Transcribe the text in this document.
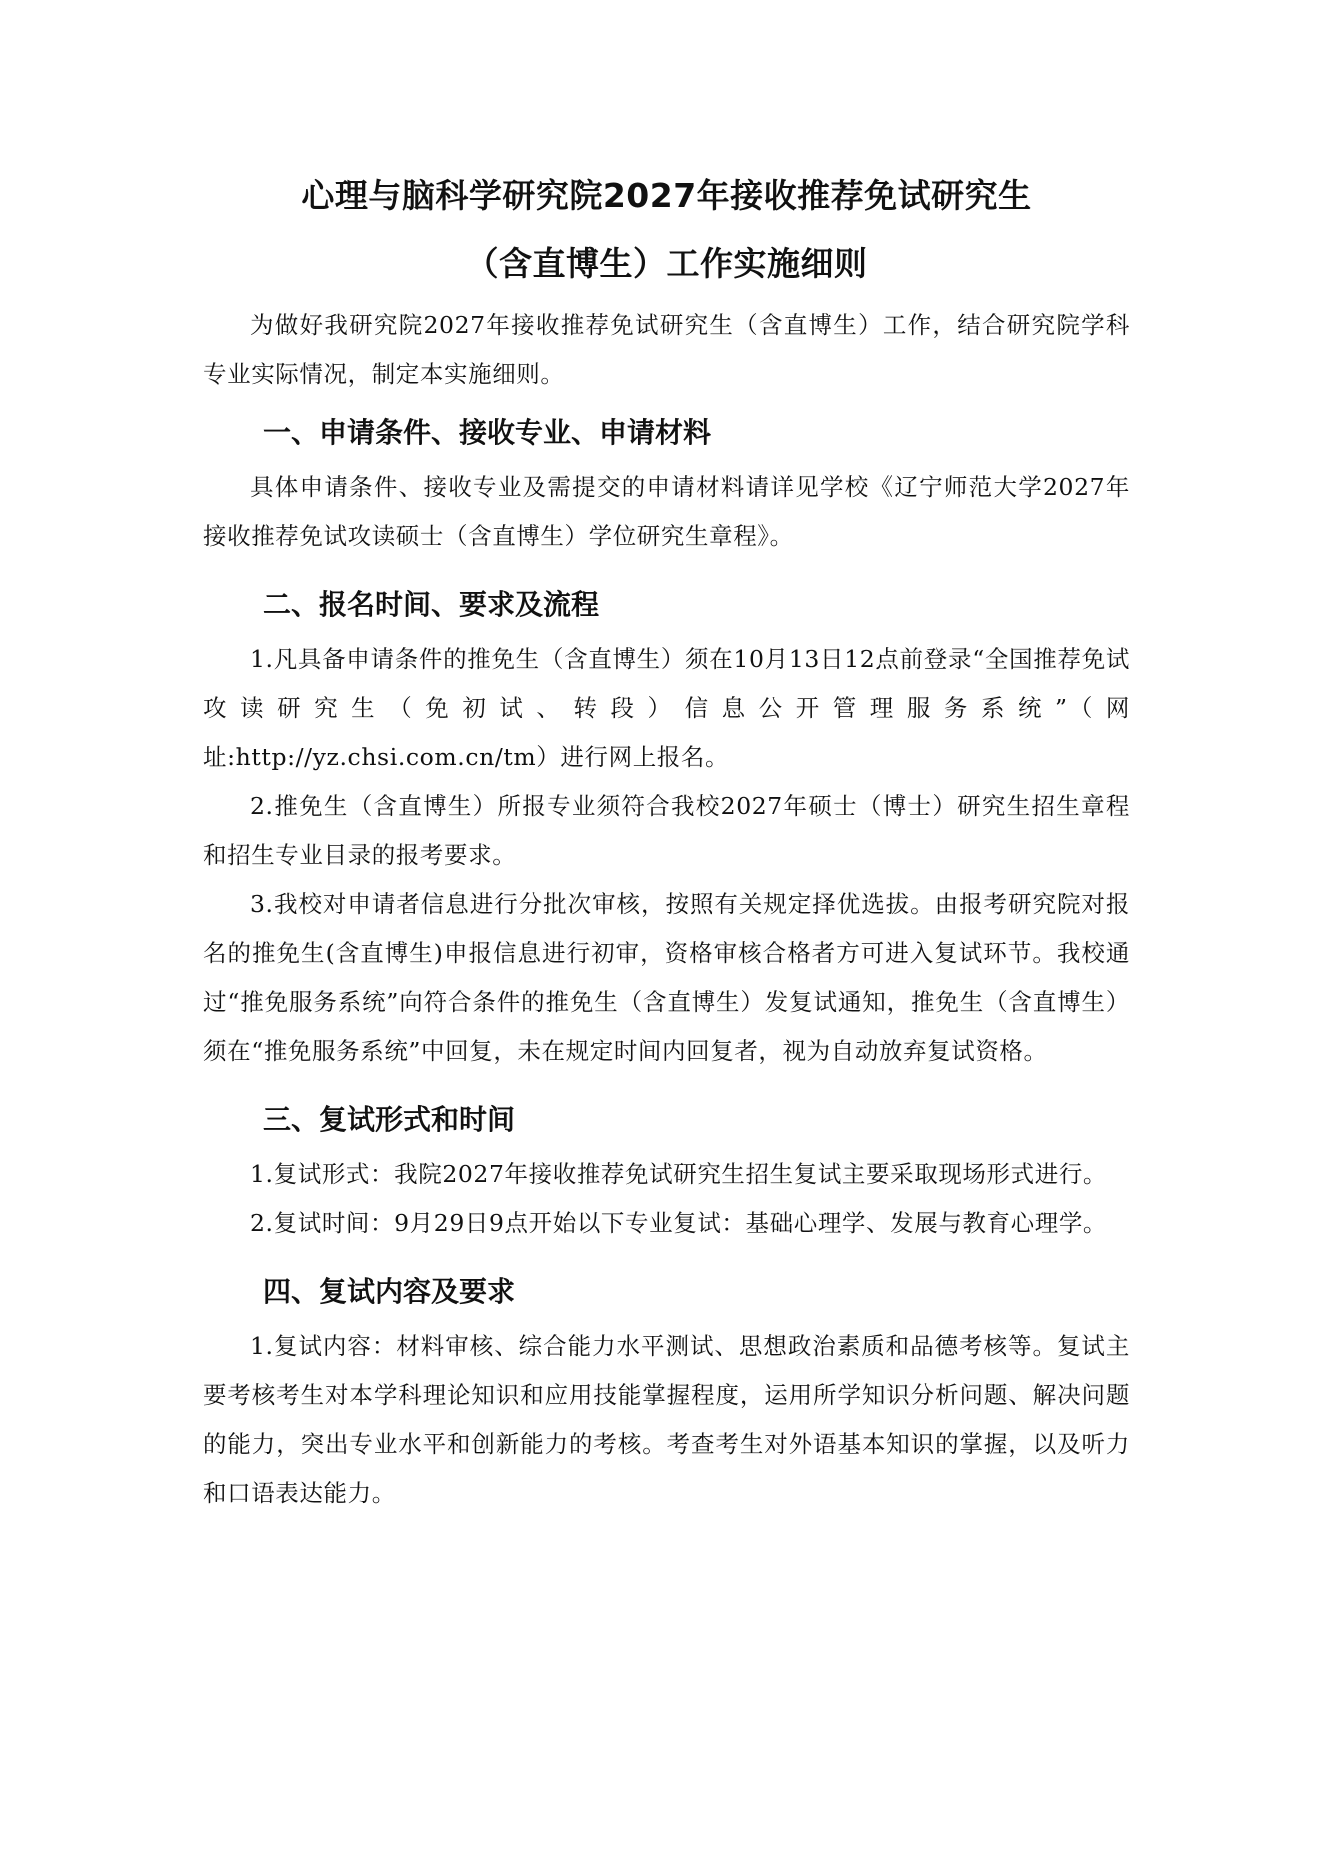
心理与脑科学研究院2027年接收推荐免试研究生
（含直博生）工作实施细则

为做好我研究院2027年接收推荐免试研究生（含直博生）工作，结合研究院学科专业实际情况，制定本实施细则。

一、申请条件、接收专业、申请材料

具体申请条件、接收专业及需提交的申请材料请详见学校《辽宁师范大学2027年接收推荐免试攻读硕士（含直博生）学位研究生章程》。

二、报名时间、要求及流程

1.凡具备申请条件的推免生（含直博生）须在10月13日12点前登录“全国推荐免试攻读研究生（免初试、转段）信息公开管理服务系统”（网址:http://yz.chsi.com.cn/tm）进行网上报名。

2.推免生（含直博生）所报专业须符合我校2027年硕士（博士）研究生招生章程和招生专业目录的报考要求。

3.我校对申请者信息进行分批次审核，按照有关规定择优选拔。由报考研究院对报名的推免生(含直博生)申报信息进行初审，资格审核合格者方可进入复试环节。我校通过“推免服务系统”向符合条件的推免生（含直博生）发复试通知，推免生（含直博生）须在“推免服务系统”中回复，未在规定时间内回复者，视为自动放弃复试资格。

三、复试形式和时间

1.复试形式：我院2027年接收推荐免试研究生招生复试主要采取现场形式进行。

2.复试时间：9月29日9点开始以下专业复试：基础心理学、发展与教育心理学。

四、复试内容及要求

1.复试内容：材料审核、综合能力水平测试、思想政治素质和品德考核等。复试主要考核考生对本学科理论知识和应用技能掌握程度，运用所学知识分析问题、解决问题的能力，突出专业水平和创新能力的考核。考查考生对外语基本知识的掌握，以及听力和口语表达能力。
